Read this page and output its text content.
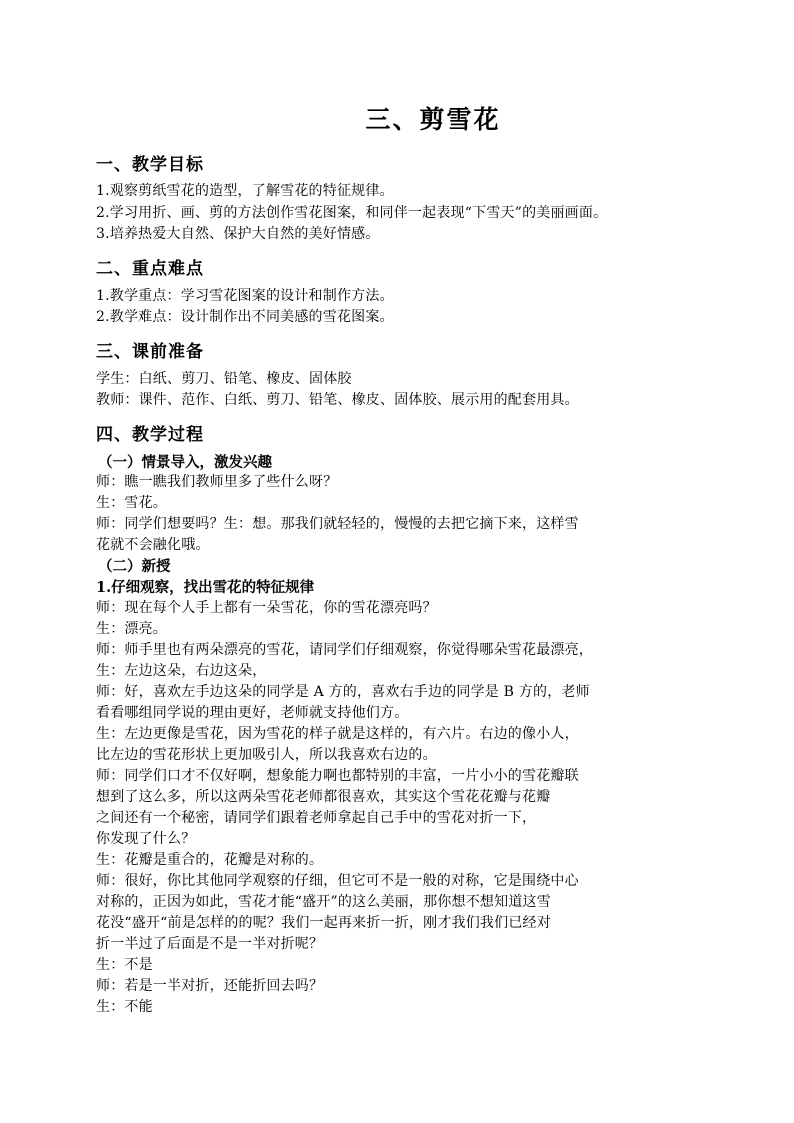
三、剪雪花
一、教学目标
1.观察剪纸雪花的造型，了解雪花的特征规律。
2.学习用折、画、剪的方法创作雪花图案，和同伴一起表现“下雪天”的美丽画面。
3.培养热爱大自然、保护大自然的美好情感。
二、重点难点
1.教学重点：学习雪花图案的设计和制作方法。
2.教学难点：设计制作出不同美感的雪花图案。
三、课前准备
学生：白纸、剪刀、铅笔、橡皮、固体胶
教师：课件、范作、白纸、剪刀、铅笔、橡皮、固体胶、展示用的配套用具。
四、教学过程
（一）情景导入，激发兴趣
师：瞧一瞧我们教师里多了些什么呀？
生：雪花。
师：同学们想要吗？生：想。那我们就轻轻的，慢慢的去把它摘下来，这样雪
花就不会融化哦。
（二）新授
1.仔细观察，找出雪花的特征规律
师：现在每个人手上都有一朵雪花，你的雪花漂亮吗？
生：漂亮。
师：师手里也有两朵漂亮的雪花，请同学们仔细观察，你觉得哪朵雪花最漂亮，
生：左边这朵，右边这朵，
师：好，喜欢左手边这朵的同学是 A 方的，喜欢右手边的同学是 B 方的，老师
看看哪组同学说的理由更好，老师就支持他们方。
生：左边更像是雪花，因为雪花的样子就是这样的，有六片。右边的像小人，
比左边的雪花形状上更加吸引人，所以我喜欢右边的。
师：同学们口才不仅好啊，想象能力啊也都特别的丰富，一片小小的雪花瓣联
想到了这么多，所以这两朵雪花老师都很喜欢，其实这个雪花花瓣与花瓣
之间还有一个秘密，请同学们跟着老师拿起自己手中的雪花对折一下，
你发现了什么？
生：花瓣是重合的，花瓣是对称的。
师：很好，你比其他同学观察的仔细，但它可不是一般的对称，它是围绕中心
对称的，正因为如此，雪花才能“盛开”的这么美丽，那你想不想知道这雪
花没“盛开“前是怎样的的呢？我们一起再来折一折，刚才我们我们已经对
折一半过了后面是不是一半对折呢？
生：不是
师：若是一半对折，还能折回去吗？
生：不能
